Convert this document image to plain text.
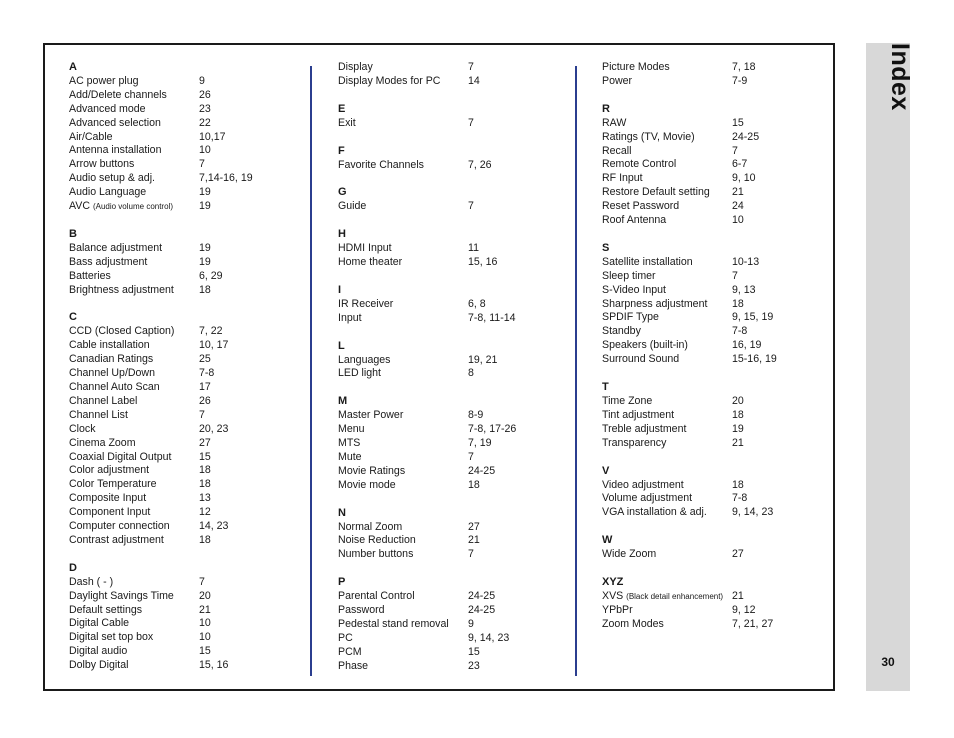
A
AC power plug	9
Add/Delete channels	26
Advanced mode	23
Advanced selection	22
Air/Cable	10,17
Antenna installation	10
Arrow buttons	7
Audio setup & adj.	7,14-16, 19
Audio Language	19
AVC (Audio volume control)	19
B
Balance adjustment	19
Bass adjustment	19
Batteries	6, 29
Brightness adjustment	18
C
CCD (Closed Caption)	7, 22
Cable installation	10, 17
Canadian Ratings	25
Channel Up/Down	7-8
Channel Auto Scan	17
Channel Label	26
Channel List	7
Clock	20, 23
Cinema Zoom	27
Coaxial Digital Output	15
Color adjustment	18
Color Temperature	18
Composite Input	13
Component Input	12
Computer connection	14, 23
Contrast adjustment	18
D
Dash ( - )	7
Daylight Savings Time	20
Default settings	21
Digital Cable	10
Digital set top box	10
Digital audio	15
Dolby Digital	15, 16
Display	7
Display Modes for PC	14
E
Exit	7
F
Favorite Channels	7, 26
G
Guide	7
H
HDMI Input	11
Home theater	15, 16
I
IR Receiver	6, 8
Input	7-8, 11-14
L
Languages	19, 21
LED light	8
M
Master Power	8-9
Menu	7-8, 17-26
MTS	7, 19
Mute	7
Movie Ratings	24-25
Movie mode	18
N
Normal Zoom	27
Noise Reduction	21
Number buttons	7
P
Parental Control	24-25
Password	24-25
Pedestal stand removal	9
PC	9, 14, 23
PCM	15
Phase	23
Picture Modes	7, 18
Power	7-9
R
RAW	15
Ratings (TV, Movie)	24-25
Recall	7
Remote Control	6-7
RF Input	9, 10
Restore Default setting	21
Reset Password	24
Roof Antenna	10
S
Satellite installation	10-13
Sleep timer	7
S-Video Input	9, 13
Sharpness adjustment	18
SPDIF Type	9, 15, 19
Standby	7-8
Speakers (built-in)	16, 19
Surround Sound	15-16, 19
T
Time Zone	20
Tint adjustment	18
Treble adjustment	19
Transparency	21
V
Video adjustment	18
Volume adjustment	7-8
VGA installation & adj.	9, 14, 23
W
Wide Zoom	27
XYZ
XVS (Black detail enhancement) 21
YPbPr	9, 12
Zoom Modes	7, 21, 27
Index
30
